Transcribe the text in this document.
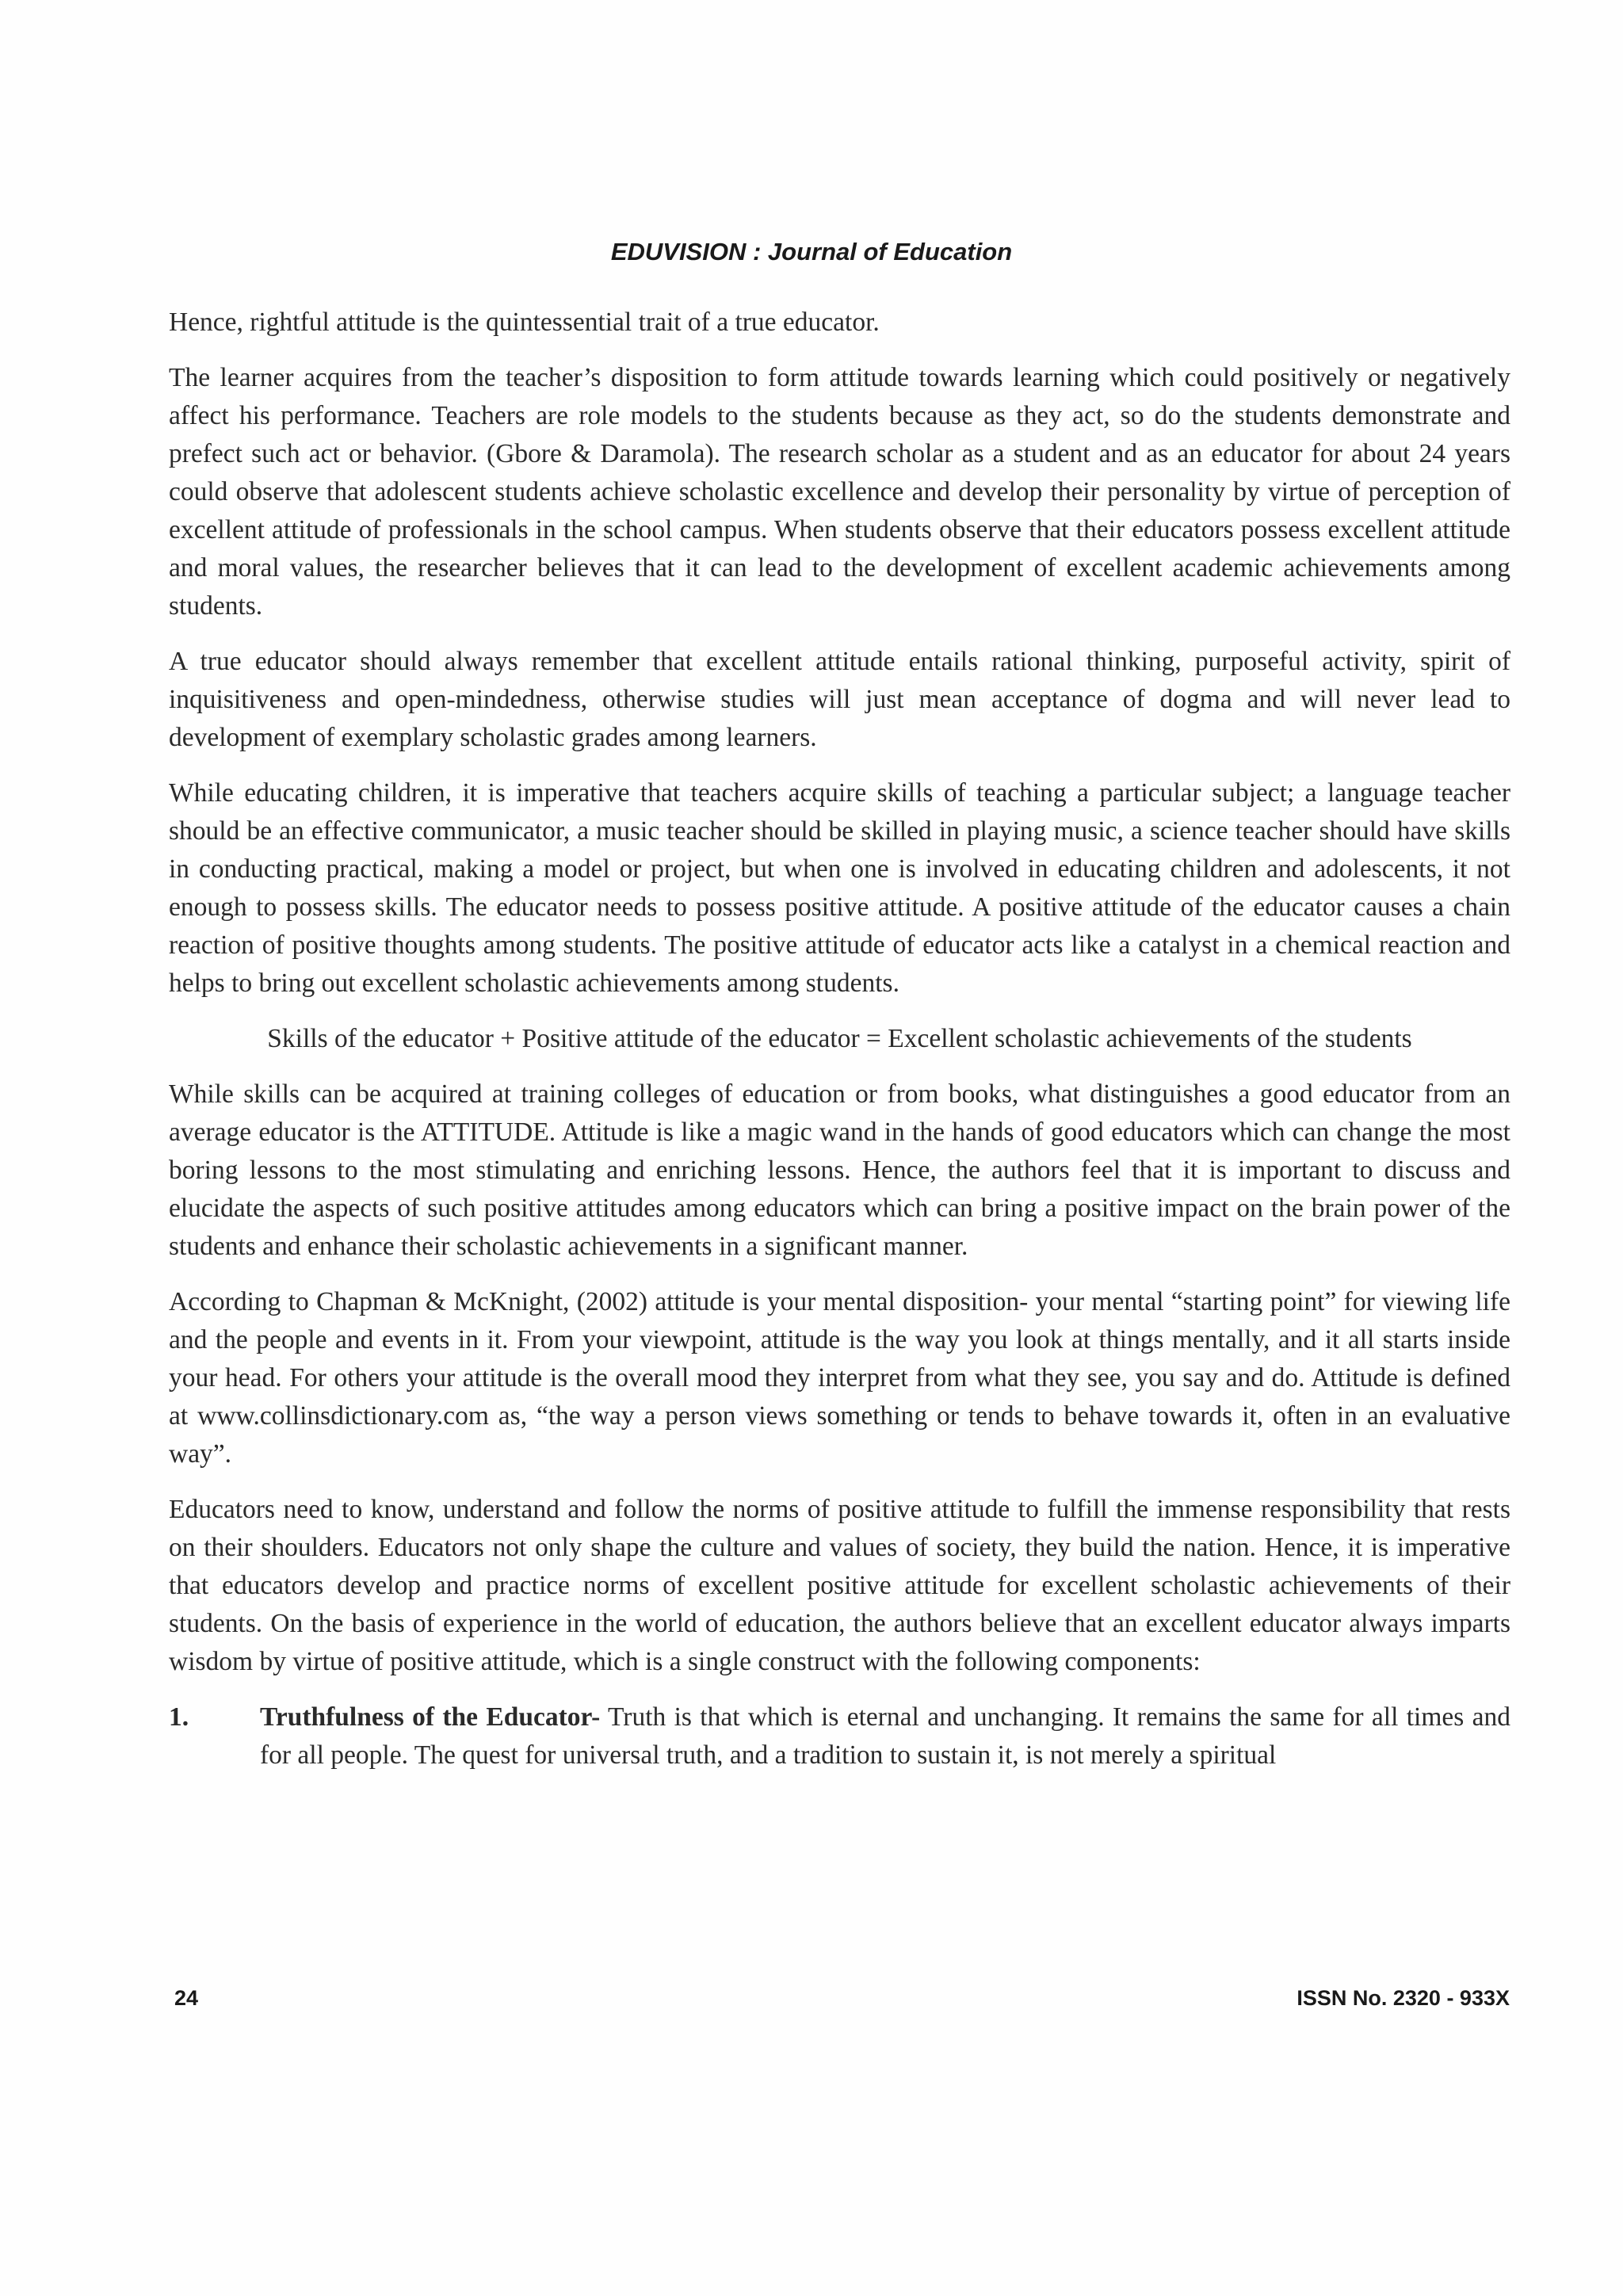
EDUVISION : Journal of Education

Hence, rightful attitude is the quintessential trait of a true educator.

The learner acquires from the teacher’s disposition to form attitude towards learning which could positively or negatively affect his performance. Teachers are role models to the students because as they act, so do the students demonstrate and prefect such act or behavior. (Gbore & Daramola). The research scholar as a student and as an educator for about 24 years could observe that adolescent students achieve scholastic excellence and develop their personality by virtue of perception of excellent attitude of professionals in the school campus. When students observe that their educators possess excellent attitude and moral values, the researcher believes that it can lead to the development of excellent academic achievements among students.

A true educator should always remember that excellent attitude entails rational thinking, purposeful activity, spirit of inquisitiveness and open-mindedness, otherwise studies will just mean acceptance of dogma and will never lead to development of exemplary scholastic grades among learners.

While educating children, it is imperative that teachers acquire skills of teaching a particular subject; a language teacher should be an effective communicator, a music teacher should be skilled in playing music, a science teacher should have skills in conducting practical, making a model or project, but when one is involved in educating children and adolescents, it not enough to possess skills. The educator needs to possess positive attitude. A positive attitude of the educator causes a chain reaction of positive thoughts among students. The positive attitude of educator acts like a catalyst in a chemical reaction and helps to bring out excellent scholastic achievements among students.

Skills of the educator + Positive attitude of the educator = Excellent scholastic achievements of the students

While skills can be acquired at training colleges of education or from books, what distinguishes a good educator from an average educator is the ATTITUDE. Attitude is like a magic wand in the hands of good educators which can change the most boring lessons to the most stimulating and enriching lessons. Hence, the authors feel that it is important to discuss and elucidate the aspects of such positive attitudes among educators which can bring a positive impact on the brain power of the students and enhance their scholastic achievements in a significant manner.

According to Chapman & McKnight, (2002) attitude is your mental disposition- your mental “starting point” for viewing life and the people and events in it. From your viewpoint, attitude is the way you look at things mentally, and it all starts inside your head. For others your attitude is the overall mood they interpret from what they see, you say and do. Attitude is defined at www.collinsdictionary.com as, “the way a person views something or tends to behave towards it, often in an evaluative way”.

Educators need to know, understand and follow the norms of positive attitude to fulfill the immense responsibility that rests on their shoulders. Educators not only shape the culture and values of society, they build the nation. Hence, it is imperative that educators develop and practice norms of excellent positive attitude for excellent scholastic achievements of their students. On the basis of experience in the world of education, the authors believe that an excellent educator always imparts wisdom by virtue of positive attitude, which is a single construct with the following components:

1.	Truthfulness of the Educator- Truth is that which is eternal and unchanging. It remains the same for all times and for all people. The quest for universal truth, and a tradition to sustain it, is not merely a spiritual
24	ISSN No. 2320 - 933X
